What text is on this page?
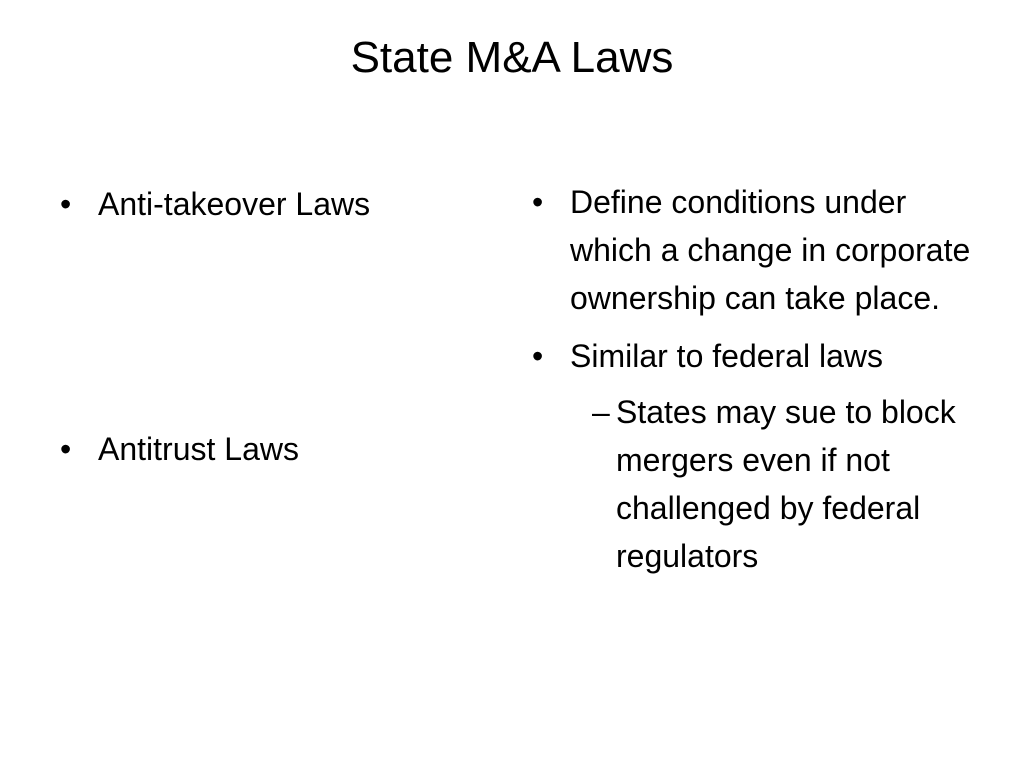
State M&A Laws
• Anti-takeover Laws
• Antitrust Laws
• Define conditions under which a change in corporate ownership can take place.
• Similar to federal laws
– States may sue to block mergers even if not challenged by federal regulators
